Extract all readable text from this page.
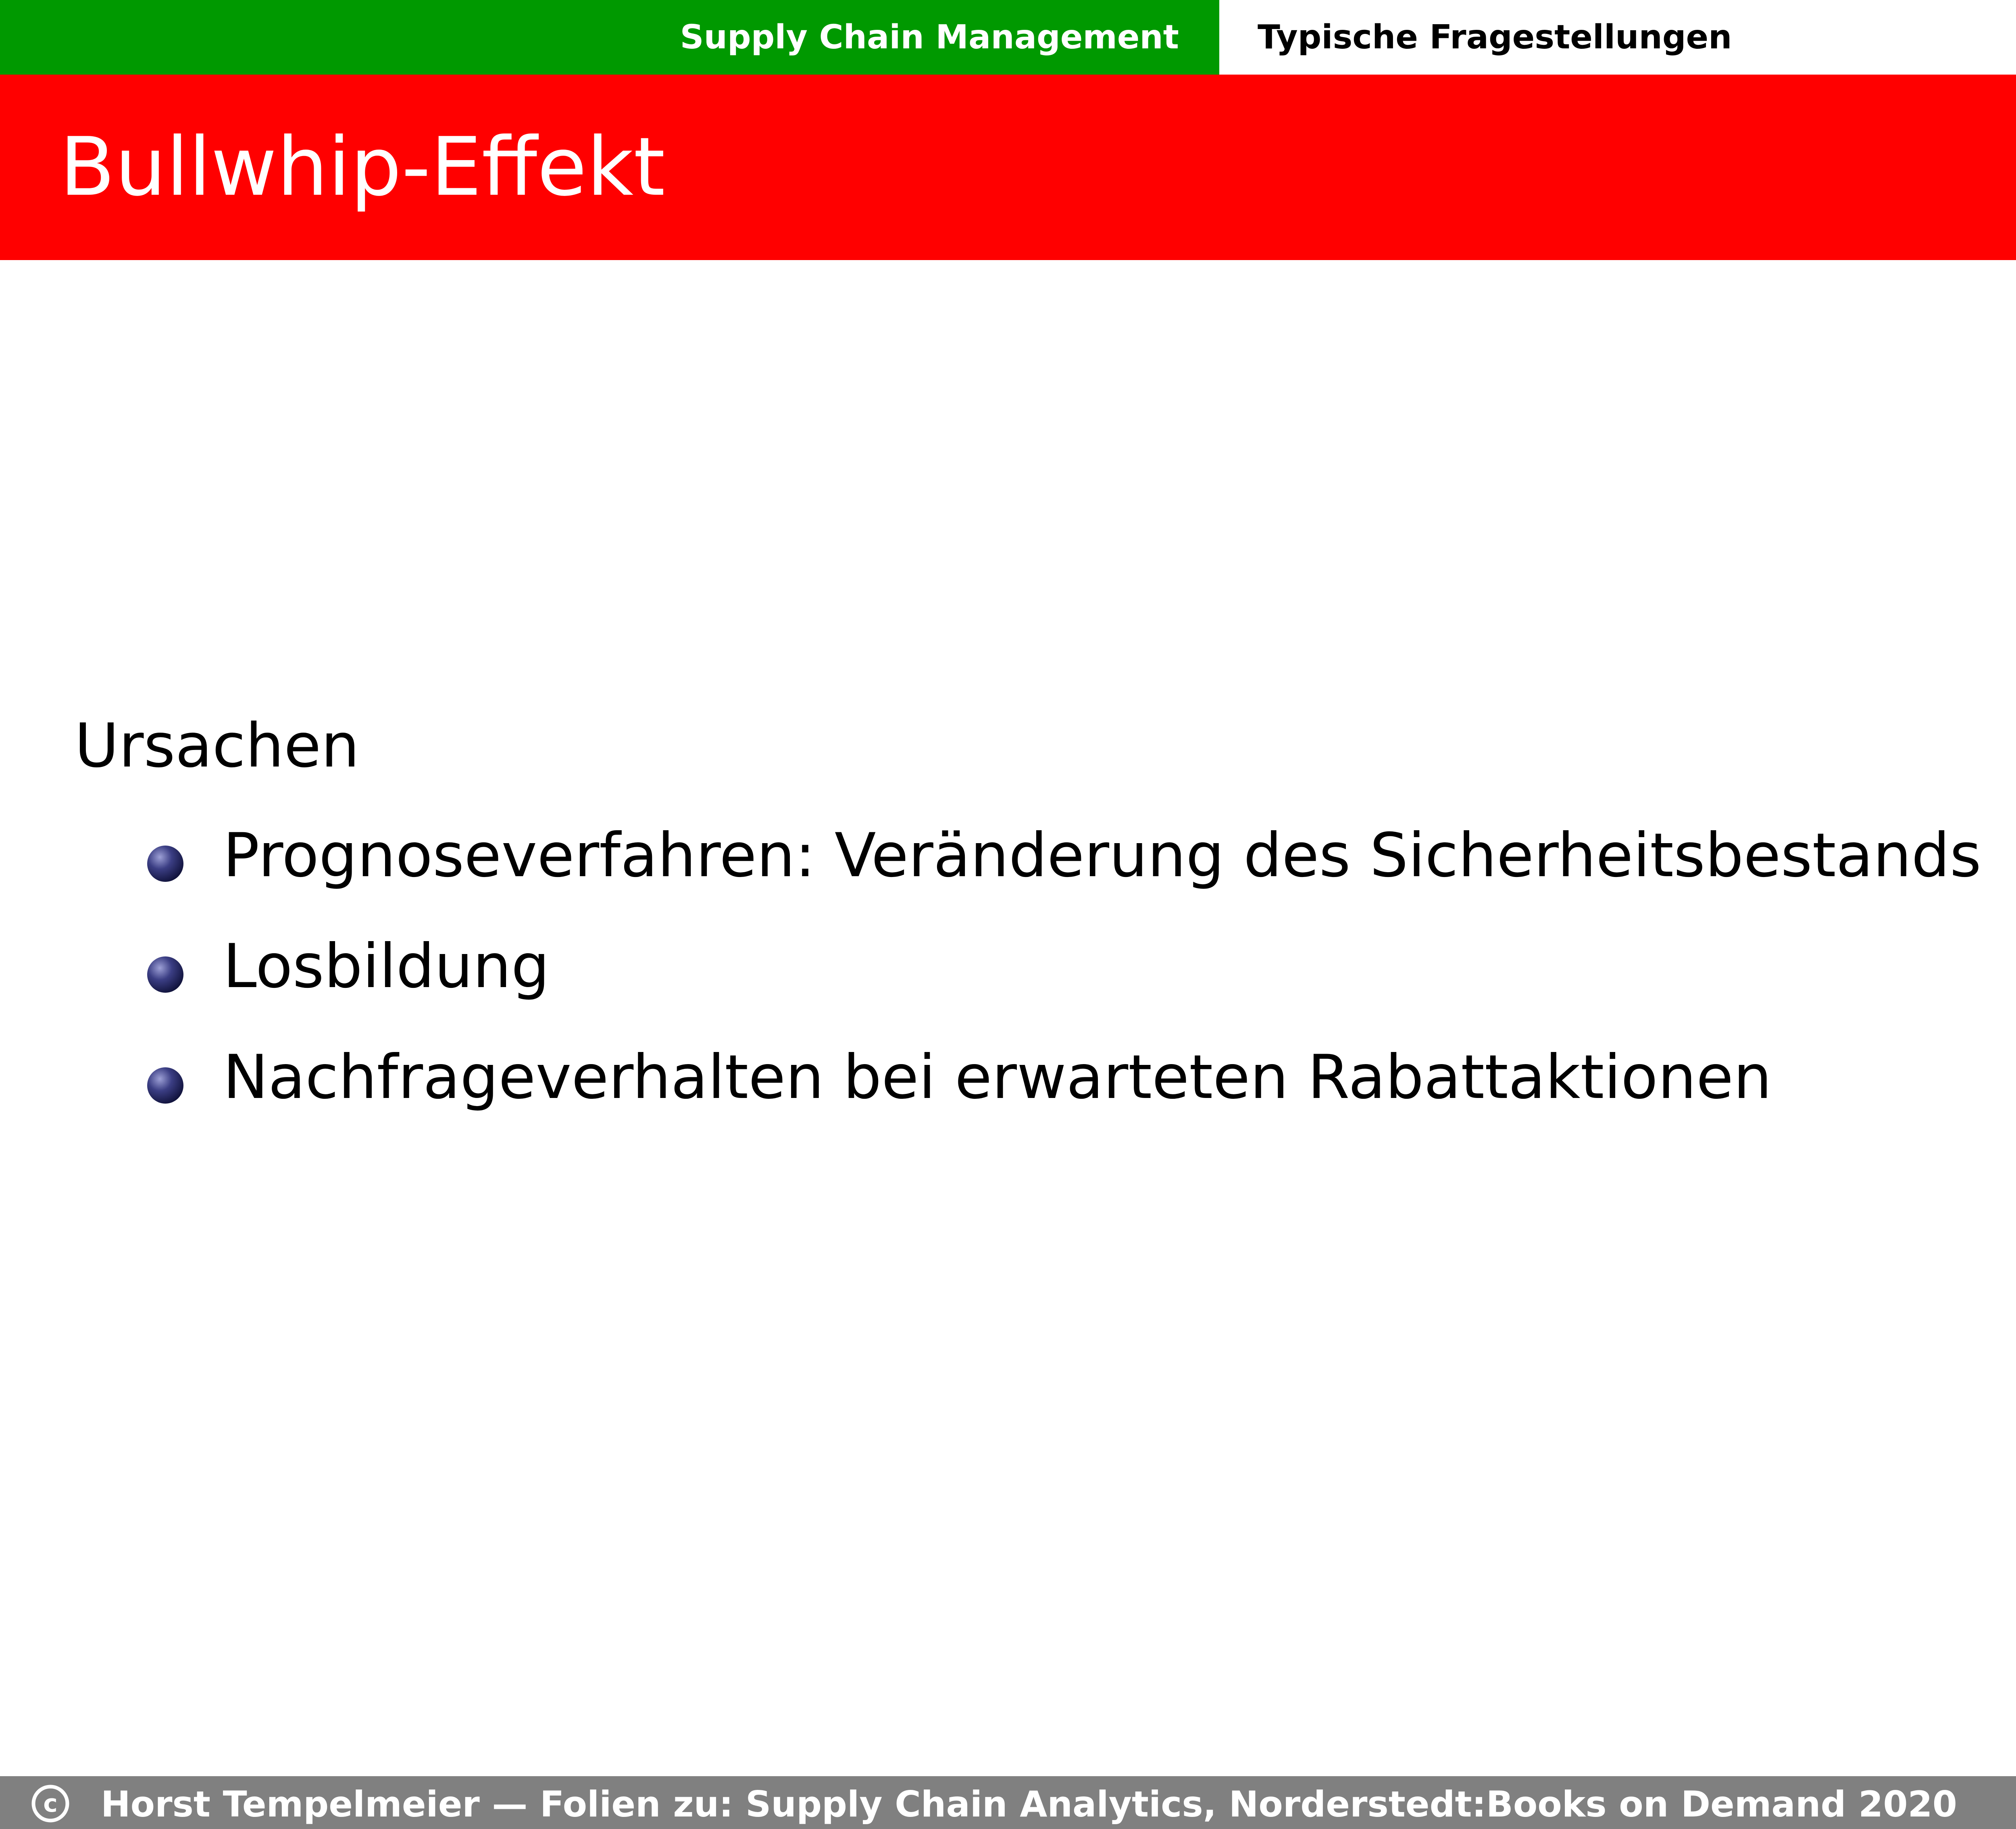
Supply Chain Management	Typische Fragestellungen
Bullwhip-Effekt

Ursachen

Prognoseverfahren: Veränderung des Sicherheitsbestands
Losbildung
Nachfrageverhalten bei erwarteten Rabattaktionen
c Horst Tempelmeier — Folien zu: Supply Chain Analytics, Norderstedt:Books on Demand 2020
